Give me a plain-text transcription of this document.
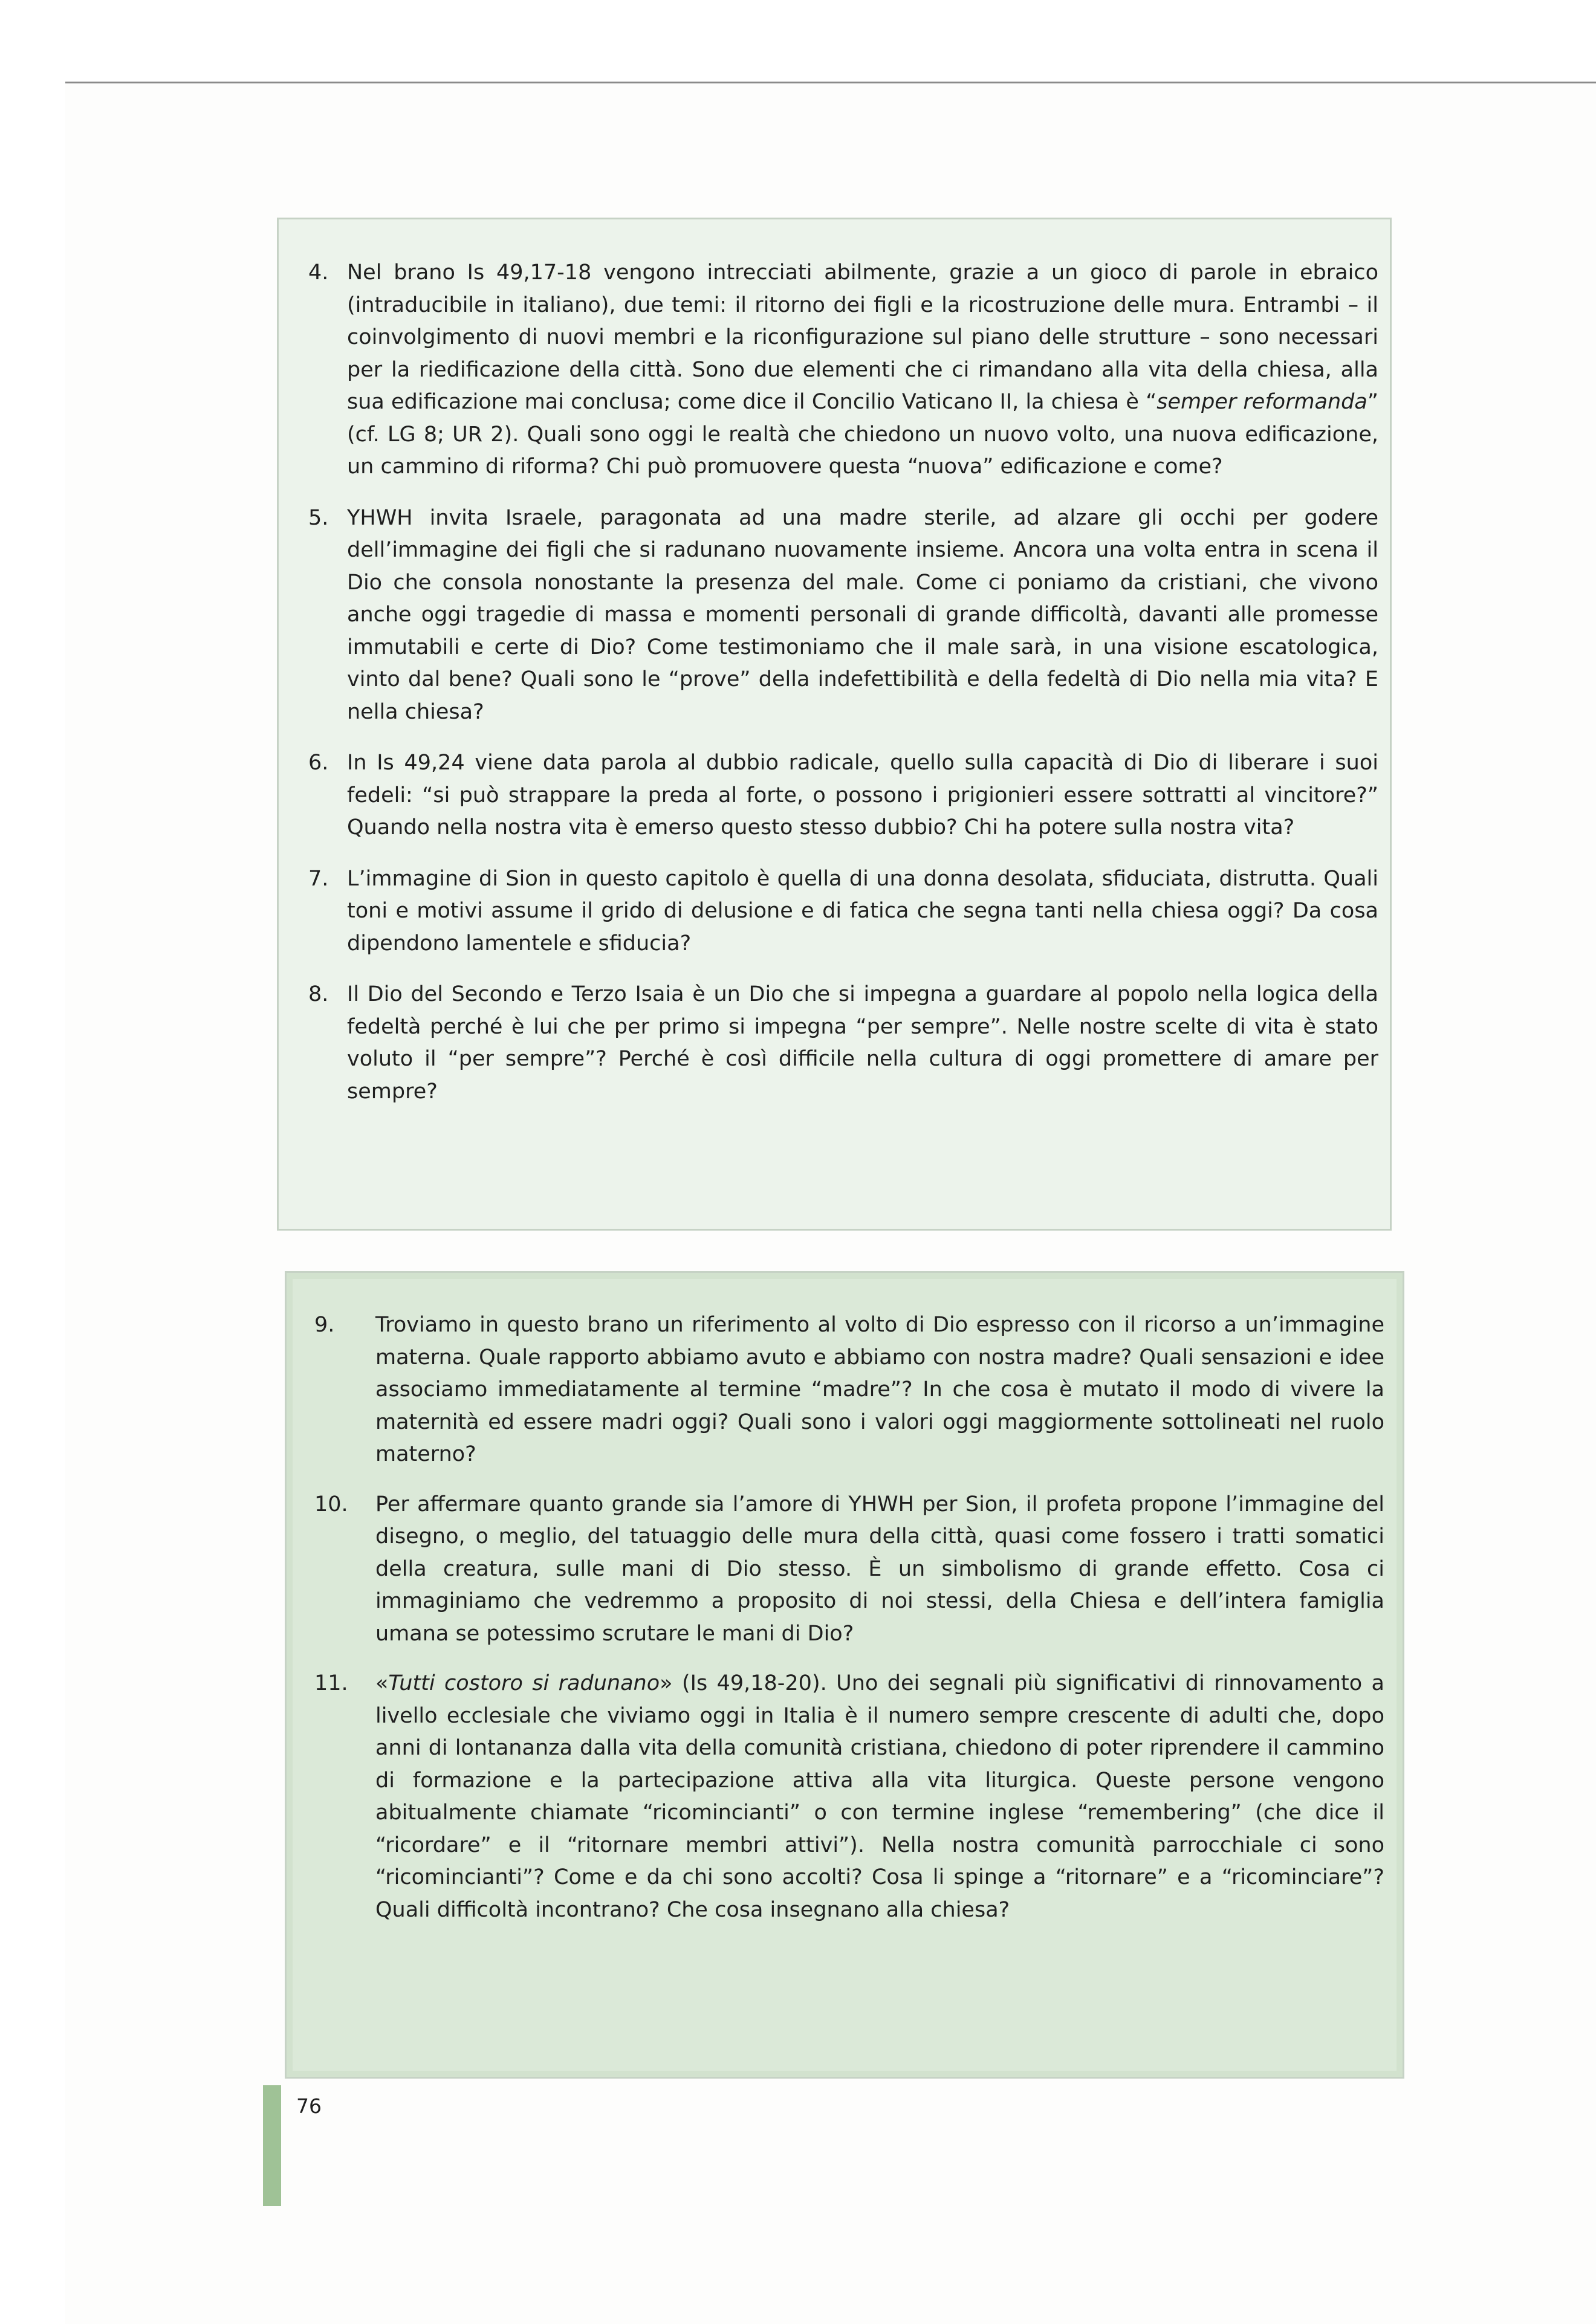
4. Nel brano Is 49,17-18 vengono intrecciati abilmente, grazie a un gioco di parole in ebraico (intraducibile in italiano), due temi: il ritorno dei figli e la ricostruzione delle mura. Entrambi – il coinvolgimento di nuovi membri e la riconfigurazione sul piano delle strutture – sono necessari per la riedificazione della città. Sono due elementi che ci rimandano alla vita della chiesa, alla sua edificazione mai conclusa; come dice il Concilio Vaticano II, la chiesa è “semper reformanda” (cf. LG 8; UR 2). Quali sono oggi le realtà che chiedono un nuovo volto, una nuova edificazione, un cammino di riforma? Chi può promuovere questa “nuova” edificazione e come?
5. YHWH invita Israele, paragonata ad una madre sterile, ad alzare gli occhi per godere dell’immagine dei figli che si radunano nuovamente insieme. Ancora una volta entra in scena il Dio che consola nonostante la presenza del male. Come ci poniamo da cristiani, che vivono anche oggi tragedie di massa e momenti personali di grande difficoltà, davanti alle promesse immutabili e certe di Dio? Come testimoniamo che il male sarà, in una visione escatologica, vinto dal bene? Quali sono le “prove” della indefettibilità e della fedeltà di Dio nella mia vita? E nella chiesa?
6. In Is 49,24 viene data parola al dubbio radicale, quello sulla capacità di Dio di liberare i suoi fedeli: “si può strappare la preda al forte, o possono i prigionieri essere sottratti al vincitore?” Quando nella nostra vita è emerso questo stesso dubbio? Chi ha potere sulla nostra vita?
7. L’immagine di Sion in questo capitolo è quella di una donna desolata, sfiduciata, distrutta. Quali toni e motivi assume il grido di delusione e di fatica che segna tanti nella chiesa oggi? Da cosa dipendono lamentele e sfiducia?
8. Il Dio del Secondo e Terzo Isaia è un Dio che si impegna a guardare al popolo nella logica della fedeltà perché è lui che per primo si impegna “per sempre”. Nelle nostre scelte di vita è stato voluto il “per sempre”? Perché è così difficile nella cultura di oggi promettere di amare per sempre?
9. Troviamo in questo brano un riferimento al volto di Dio espresso con il ricorso a un’immagine materna. Quale rapporto abbiamo avuto e abbiamo con nostra madre? Quali sensazioni e idee associamo immediatamente al termine “madre”? In che cosa è mutato il modo di vivere la maternità ed essere madri oggi? Quali sono i valori oggi maggiormente sottolineati nel ruolo materno?
10. Per affermare quanto grande sia l’amore di YHWH per Sion, il profeta propone l’immagine del disegno, o meglio, del tatuaggio delle mura della città, quasi come fossero i tratti somatici della creatura, sulle mani di Dio stesso. È un simbolismo di grande effetto. Cosa ci immaginiamo che vedremmo a proposito di noi stessi, della Chiesa e dell’intera famiglia umana se potessimo scrutare le mani di Dio?
11. «Tutti costoro si radunano» (Is 49,18-20). Uno dei segnali più significativi di rinnovamento a livello ecclesiale che viviamo oggi in Italia è il numero sempre crescente di adulti che, dopo anni di lontananza dalla vita della comunità cristiana, chiedono di poter riprendere il cammino di formazione e la partecipazione attiva alla vita liturgica. Queste persone vengono abitualmente chiamate “ricomincianti” o con termine inglese “remembering” (che dice il “ricordare” e il “ritornare membri attivi”). Nella nostra comunità parrocchiale ci sono “ricomincianti”? Come e da chi sono accolti? Cosa li spinge a “ritornare” e a “ricominciare”? Quali difficoltà incontrano? Che cosa insegnano alla chiesa?
76
